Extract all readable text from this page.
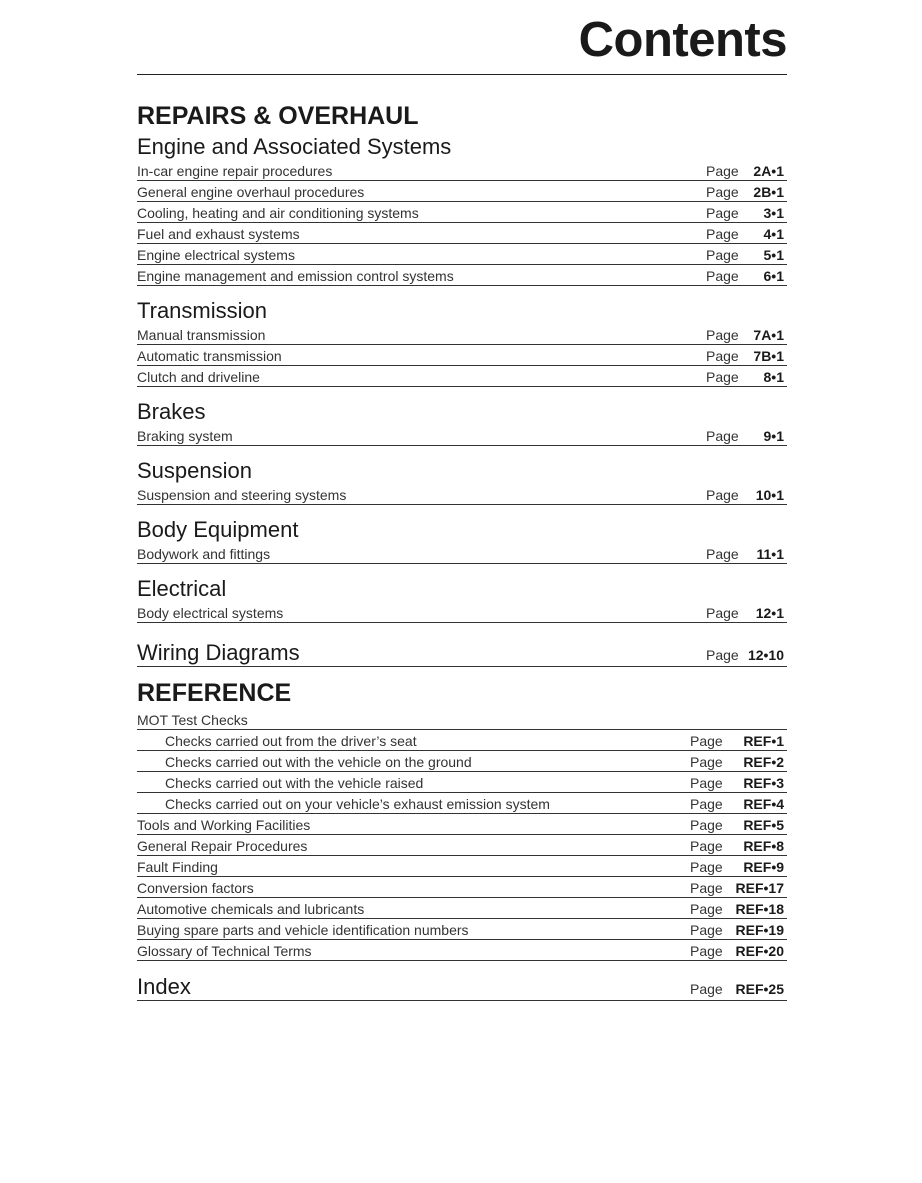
Contents
REPAIRS & OVERHAUL
Engine and Associated Systems
In-car engine repair procedures	Page	2A•1
General engine overhaul procedures	Page	2B•1
Cooling, heating and air conditioning systems	Page	3•1
Fuel and exhaust systems	Page	4•1
Engine electrical systems	Page	5•1
Engine management and emission control systems	Page	6•1
Transmission
Manual transmission	Page	7A•1
Automatic transmission	Page	7B•1
Clutch and driveline	Page	8•1
Brakes
Braking system	Page	9•1
Suspension
Suspension and steering systems	Page	10•1
Body Equipment
Bodywork and fittings	Page	11•1
Electrical
Body electrical systems	Page	12•1
Wiring Diagrams	Page 12•10
REFERENCE
MOT Test Checks
Checks carried out from the driver’s seat	Page	REF•1
Checks carried out with the vehicle on the ground	Page	REF•2
Checks carried out with the vehicle raised	Page	REF•3
Checks carried out on your vehicle’s exhaust emission system	Page	REF•4
Tools and Working Facilities	Page	REF•5
General Repair Procedures	Page	REF•8
Fault Finding	Page	REF•9
Conversion factors	Page REF•17
Automotive chemicals and lubricants	Page REF•18
Buying spare parts and vehicle identification numbers	Page REF•19
Glossary of Technical Terms	Page REF•20
Index	Page REF•25
